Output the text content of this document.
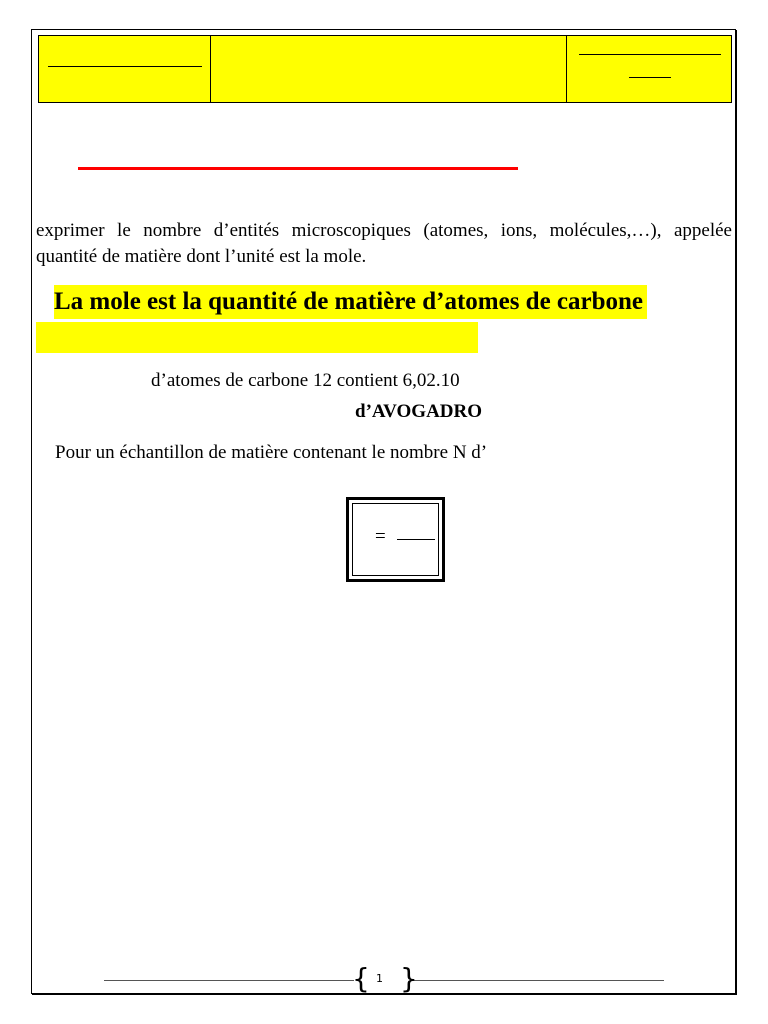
exprimer le nombre d’entités microscopiques (atomes, ions, molécules,…), appelée quantité de matière dont l’unité est la mole.
La mole est la quantité de matière d’atomes de carbone
d’atomes de carbone 12 contient 6,02.10
d’AVOGADRO
Pour un échantillon de matière contenant le nombre N d’
=
{ }
1
